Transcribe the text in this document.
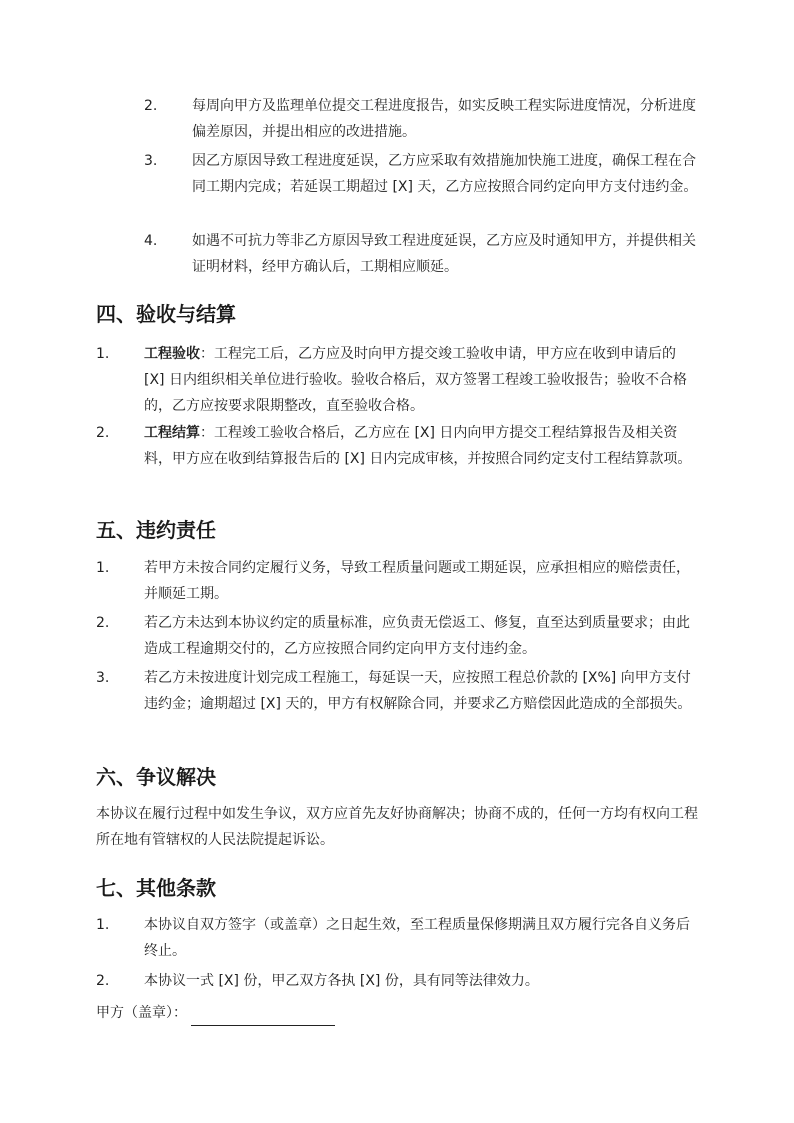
2. 每周向甲方及监理单位提交工程进度报告，如实反映工程实际进度情况，分析进度偏差原因，并提出相应的改进措施。
3. 因乙方原因导致工程进度延误，乙方应采取有效措施加快施工进度，确保工程在合同工期内完成；若延误工期超过 [X] 天，乙方应按照合同约定向甲方支付违约金。
4. 如遇不可抗力等非乙方原因导致工程进度延误，乙方应及时通知甲方，并提供相关证明材料，经甲方确认后，工期相应顺延。
四、验收与结算
1. 工程验收：工程完工后，乙方应及时向甲方提交竣工验收申请，甲方应在收到申请后的 [X] 日内组织相关单位进行验收。验收合格后，双方签署工程竣工验收报告；验收不合格的，乙方应按要求限期整改，直至验收合格。
2. 工程结算：工程竣工验收合格后，乙方应在 [X] 日内向甲方提交工程结算报告及相关资料，甲方应在收到结算报告后的 [X] 日内完成审核，并按照合同约定支付工程结算款项。
五、违约责任
1. 若甲方未按合同约定履行义务，导致工程质量问题或工期延误，应承担相应的赔偿责任，并顺延工期。
2. 若乙方未达到本协议约定的质量标准，应负责无偿返工、修复，直至达到质量要求；由此造成工程逾期交付的，乙方应按照合同约定向甲方支付违约金。
3. 若乙方未按进度计划完成工程施工，每延误一天，应按照工程总价款的 [X%] 向甲方支付违约金；逾期超过 [X] 天的，甲方有权解除合同，并要求乙方赔偿因此造成的全部损失。
六、争议解决
本协议在履行过程中如发生争议，双方应首先友好协商解决；协商不成的，任何一方均有权向工程所在地有管辖权的人民法院提起诉讼。
七、其他条款
1. 本协议自双方签字（或盖章）之日起生效，至工程质量保修期满且双方履行完各自义务后终止。
2. 本协议一式 [X] 份，甲乙双方各执 [X] 份，具有同等法律效力。
甲方（盖章）：
